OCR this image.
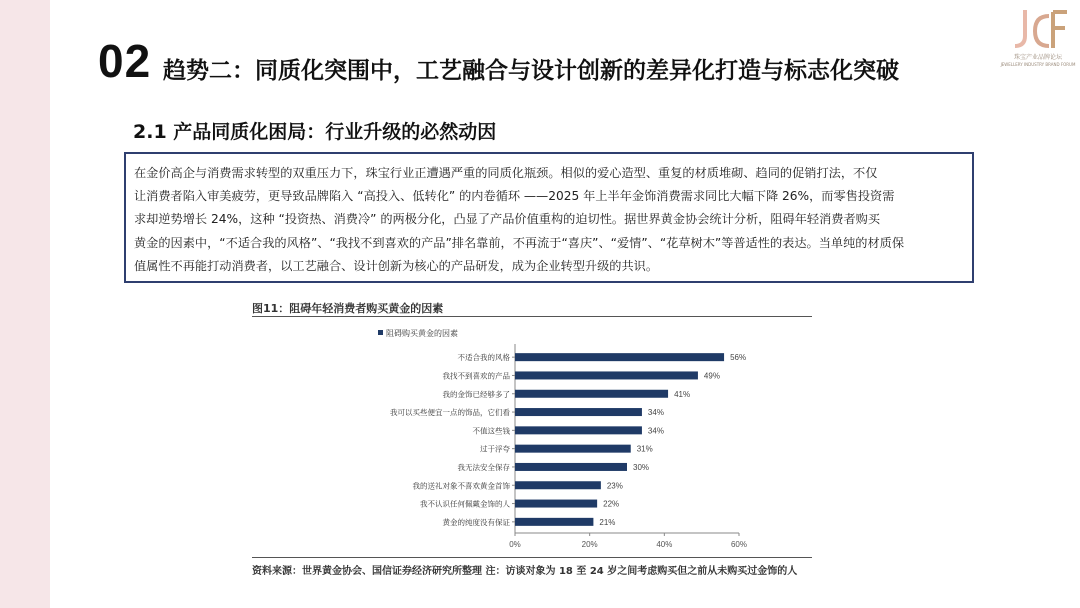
02 趋势二：同质化突围中，工艺融合与设计创新的差异化打造与标志化突破
2.1 产品同质化困局：行业升级的必然动因
珠宝产业品牌论坛
JEWELLERY INDUSTRY BRAND FORUM

在金价高企与消费需求转型的双重压力下，珠宝行业正遭遇严重的同质化瓶颈。相似的爱心造型、重复的材质堆砌、趋同的促销打法，不仅

让消费者陷入审美疲劳，更导致品牌陷入 “高投入、低转化” 的内卷循环 ——2025 年上半年金饰消费需求同比大幅下降 26%，而零售投资需

求却逆势增长 24%，这种 “投资热、消费冷” 的两极分化，凸显了产品价值重构的迫切性。据世界黄金协会统计分析，阻碍年轻消费者购买

黄金的因素中，“不适合我的风格”、“我找不到喜欢的产品”排名靠前，不再流于“喜庆”、“爱情”、“花草树木”等普适性的表达。当单纯的材质保

值属性不再能打动消费者，以工艺融合、设计创新为核心的产品研发，成为企业转型升级的共识。

图11：阻碍年轻消费者购买黄金的因素
阻碍购买黄金的因素
不适合我的风格	56%
我找不到喜欢的产品	49%
我的金饰已经够多了	41%
我可以买些便宜一点的饰品，它们看	34%
不值这些钱	34%
过于浮夸	31%
我无法安全保存	30%
我的送礼对象不喜欢黄金首饰	23%
我不认识任何佩戴金饰的人	22%
黄金的纯度没有保证	21%
0%	20%	40%	60%
资料来源：世界黄金协会、国信证券经济研究所整理 注：访谈对象为 18 至 24 岁之间考虑购买但之前从未购买过金饰的人
